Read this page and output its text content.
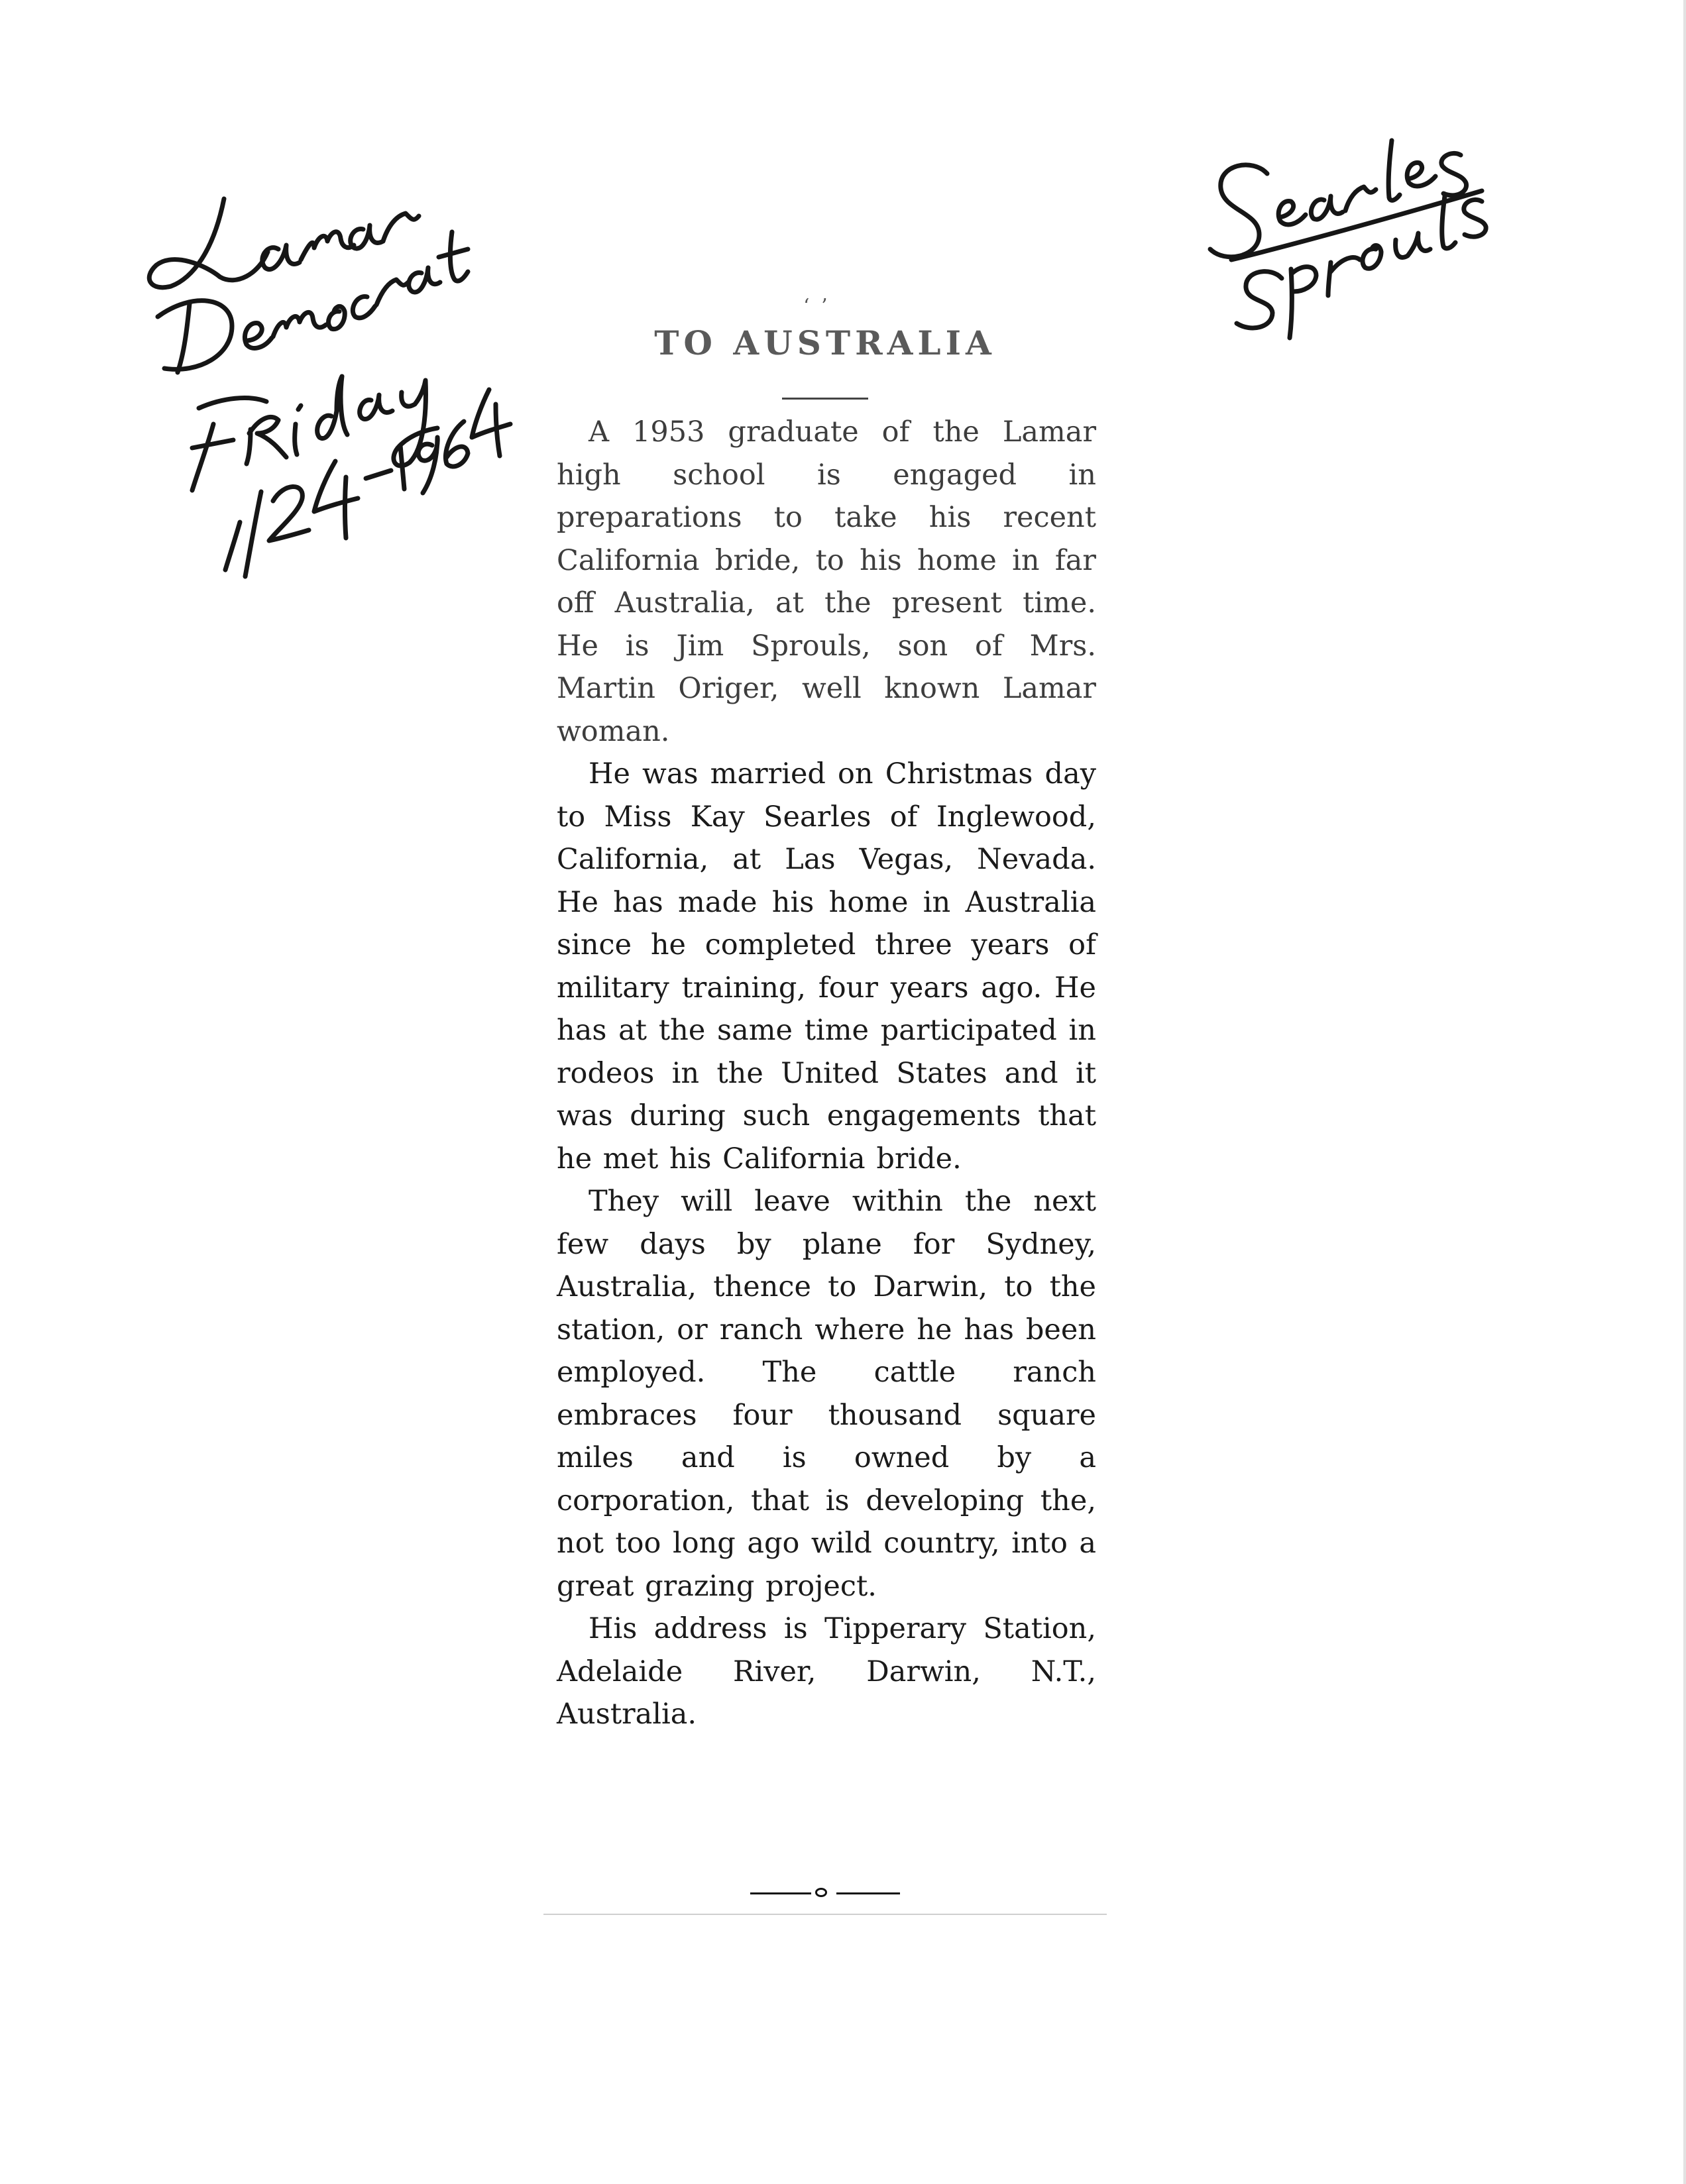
‘ ’

TO AUSTRALIA

A 1953 graduate of the Lamar high school is engaged in preparations to take his recent California bride, to his home in far off Australia, at the present time. He is Jim Sprouls, son of Mrs. Martin Origer, well known Lamar woman.

He was married on Christmas day to Miss Kay Searles of Inglewood, California, at Las Vegas, Nevada. He has made his home in Australia since he completed three years of military training, four years ago. He has at the same time participated in rodeos in the United States and it was during such engagements that he met his California bride.

They will leave within the next few days by plane for Sydney, Australia, thence to Darwin, to the station, or ranch where he has been employed. The cattle ranch embraces four thousand square miles and is owned by a corporation, that is developing the, not too long ago wild country, into a great grazing project.

His address is Tipperary Station, Adelaide River, Darwin, N.T., Australia.
